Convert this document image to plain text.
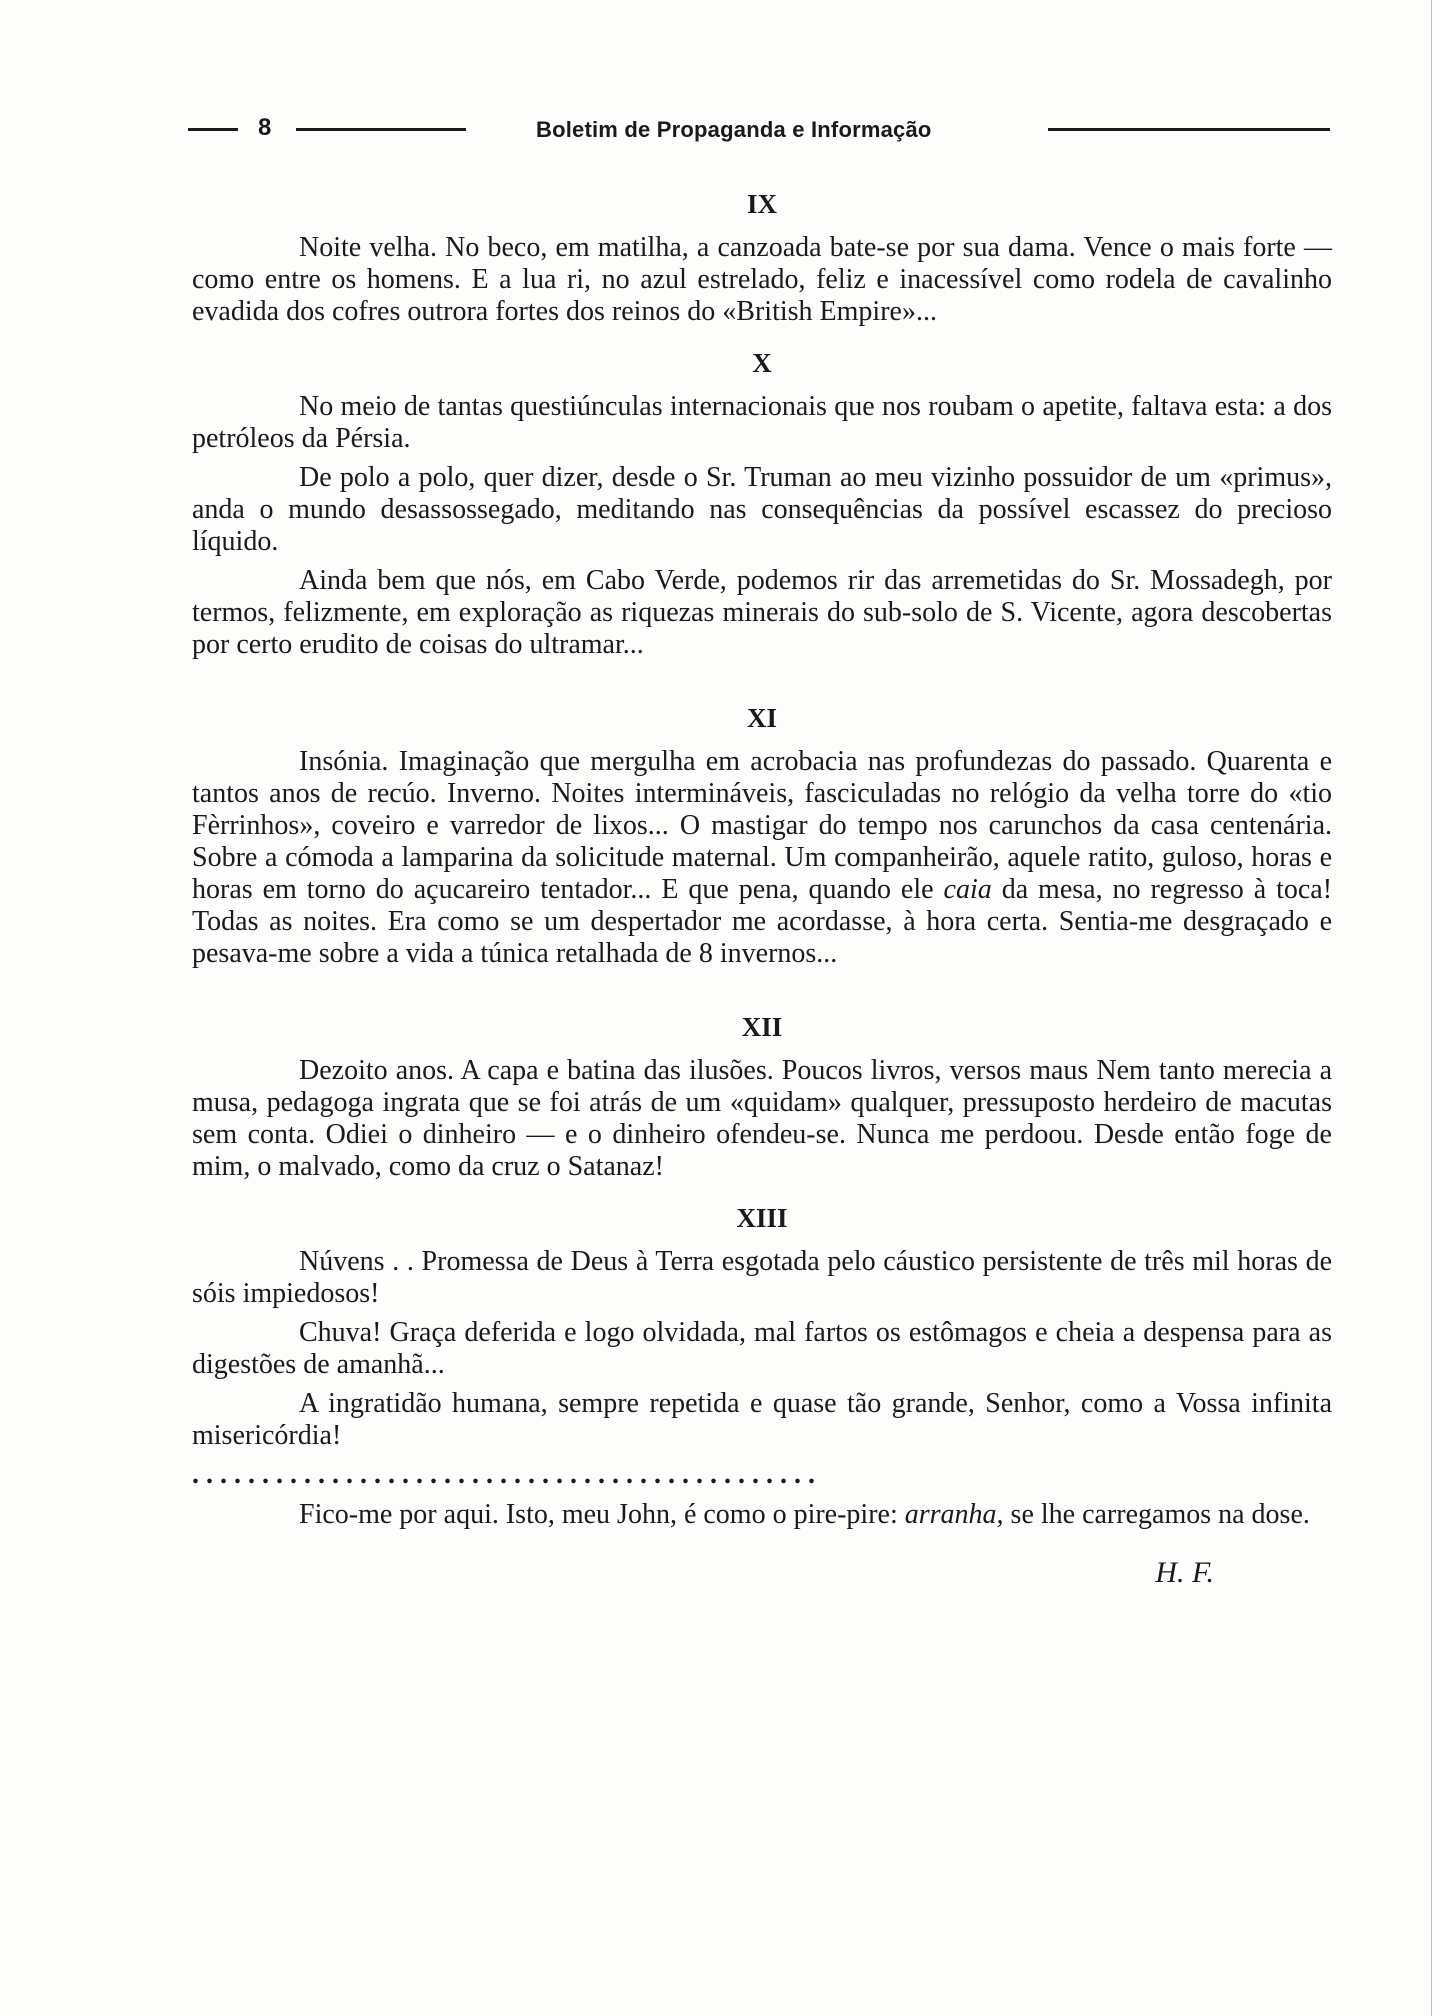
8	Boletim de Propaganda e Informação
IX

Noite velha. No beco, em matilha, a canzoada bate-se por sua dama. Vence o mais forte — como entre os homens. E a lua ri, no azul estrelado, feliz e inacessível como rodela de cavalinho evadida dos cofres outrora fortes dos reinos do «British Empire»...

X

No meio de tantas questiúnculas internacionais que nos roubam o apetite, faltava esta: a dos petróleos da Pérsia.

De polo a polo, quer dizer, desde o Sr. Truman ao meu vizinho possuidor de um «primus», anda o mundo desassossegado, meditando nas consequências da possível escassez do precioso líquido.

Ainda bem que nós, em Cabo Verde, podemos rir das arremetidas do Sr. Mossadegh, por termos, felizmente, em exploração as riquezas minerais do sub-solo de S. Vicente, agora descobertas por certo erudito de coisas do ultramar...

XI

Insónia. Imaginação que mergulha em acrobacia nas profundezas do passado. Quarenta e tantos anos de recúo. Inverno. Noites intermináveis, fasciculadas no relógio da velha torre do «tio Fèrrinhos», coveiro e varredor de lixos... O mastigar do tempo nos carunchos da casa centenária. Sobre a cómoda a lamparina da solicitude maternal. Um companheirão, aquele ratito, guloso, horas e horas em torno do açucareiro tentador... E que pena, quando ele caia da mesa, no regresso à toca! Todas as noites. Era como se um despertador me acordasse, à hora certa. Sentia-me desgraçado e pesava-me sobre a vida a túnica retalhada de 8 invernos...

XII

Dezoito anos. A capa e batina das ilusões. Poucos livros, versos maus Nem tanto merecia a musa, pedagoga ingrata que se foi atrás de um «quidam» qualquer, pressuposto herdeiro de macutas sem conta. Odiei o dinheiro — e o dinheiro ofendeu-se. Nunca me perdoou. Desde então foge de mim, o malvado, como da cruz o Satanaz!

XIII

Núvens . . Promessa de Deus à Terra esgotada pelo cáustico persistente de três mil horas de sóis impiedosos!

Chuva! Graça deferida e logo olvidada, mal fartos os estômagos e cheia a despensa para as digestões de amanhã...

A ingratidão humana, sempre repetida e quase tão grande, Senhor, como a Vossa infinita misericórdia!

. . . . . . . . . . . . . . . . . . . . . . . . . . . . . . . . . . . . . . . . . . . . .

Fico-me por aqui. Isto, meu John, é como o pire-pire: arranha, se lhe carregamos na dose.

H. F.
